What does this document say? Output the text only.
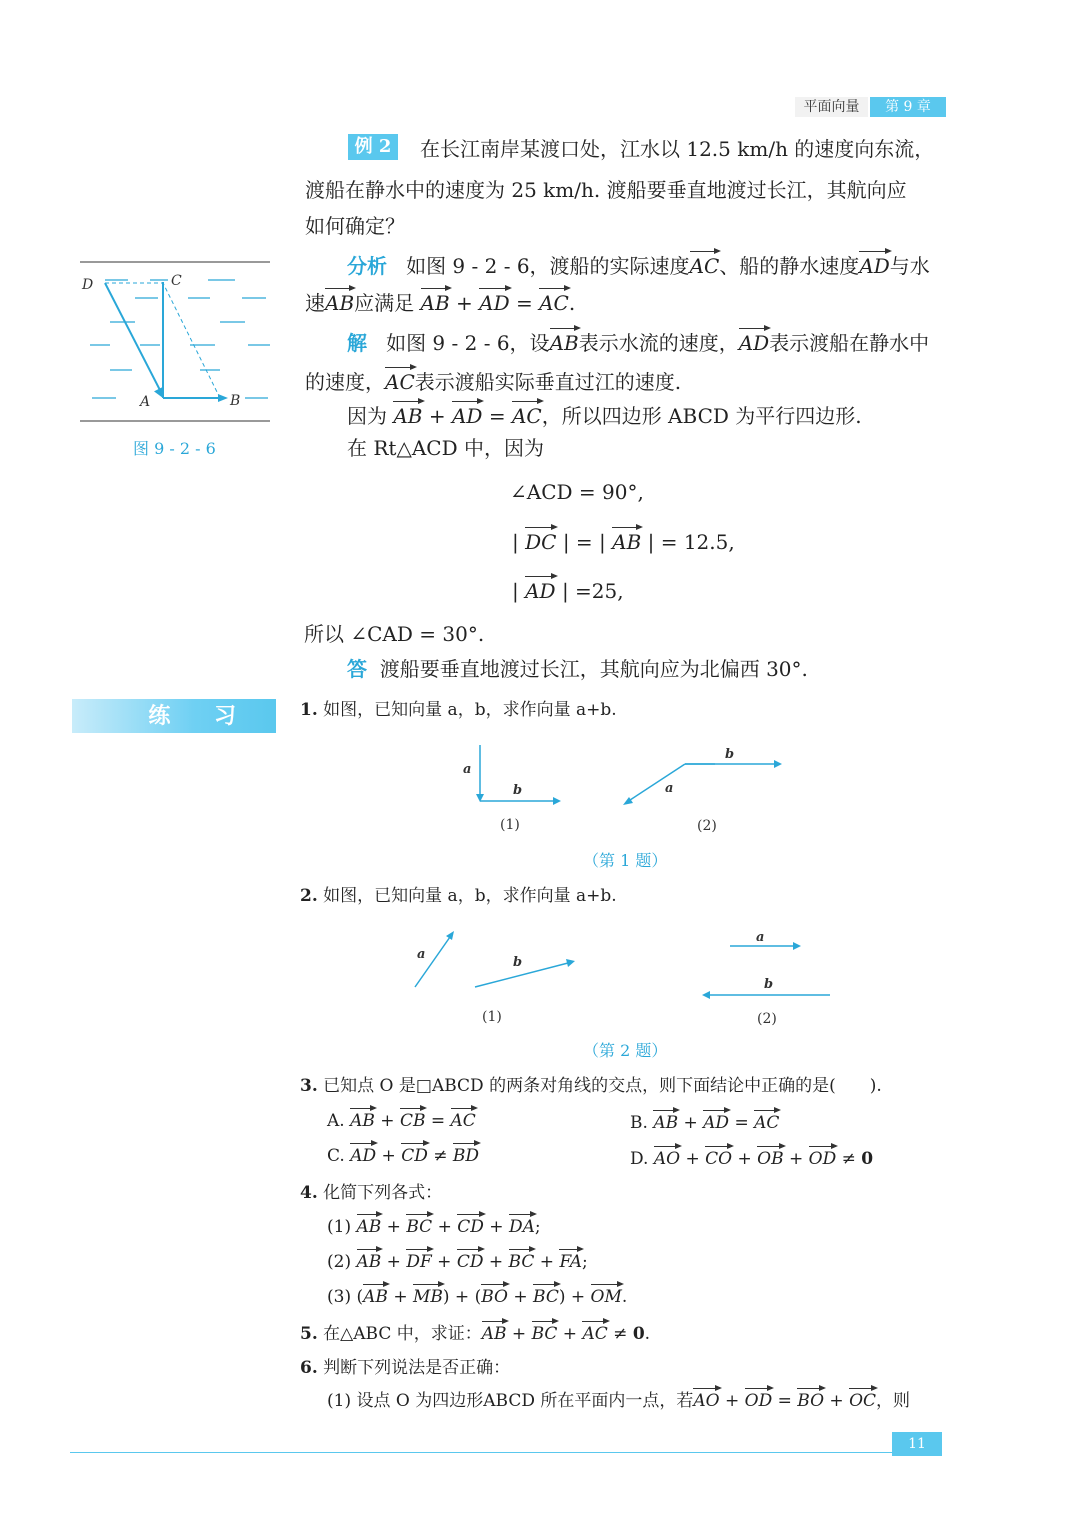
平面向量	第 9 章
例 2	在长江南岸某渡口处，江水以 12.5 km/h 的速度向东流，
渡船在静水中的速度为 25 km/h. 渡船要垂直地渡过长江，其航向应
如何确定？
分析 如图 9 - 2 - 6，渡船的实际速度AC、船的静水速度AD与水
速AB应满足 AB + AD = AC.
解 如图 9 - 2 - 6，设AB表示水流的速度，AD表示渡船在静水中
的速度，AC表示渡船实际垂直过江的速度.
因为 AB + AD = AC，所以四边形 ABCD 为平行四边形.
在 Rt△ACD 中，因为
∠ACD = 90°,
| DC | = | AB | = 12.5,
| AD | =25,
所以 ∠CAD = 30°.
答 渡船要垂直地渡过长江，其航向应为北偏西 30°.
D	C
A	B
图 9 - 2 - 6
练 习	1. 如图，已知向量 a，b，求作向量 a+b.
a
b
(1)
b
a
(2)
（第 1 题）
2. 如图，已知向量 a，b，求作向量 a+b.
a
b
(1)
a
b
(2)
（第 2 题）
3. 已知点 O 是□ABCD 的两条对角线的交点，则下面结论中正确的是(　　).
A. AB + CB = AC	B. AB + AD = AC
C. AD + CD ≠ BD	D. AO + CO + OB + OD ≠ 0
4. 化简下列各式：
(1) AB + BC + CD + DA;
(2) AB + DF + CD + BC + FA;
(3) (AB + MB) + (BO + BC) + OM.
5. 在△ABC 中，求证：AB + BC + AC ≠ 0.
6. 判断下列说法是否正确：
(1) 设点 O 为四边形ABCD 所在平面内一点，若AO + OD = BO + OC，则
11
